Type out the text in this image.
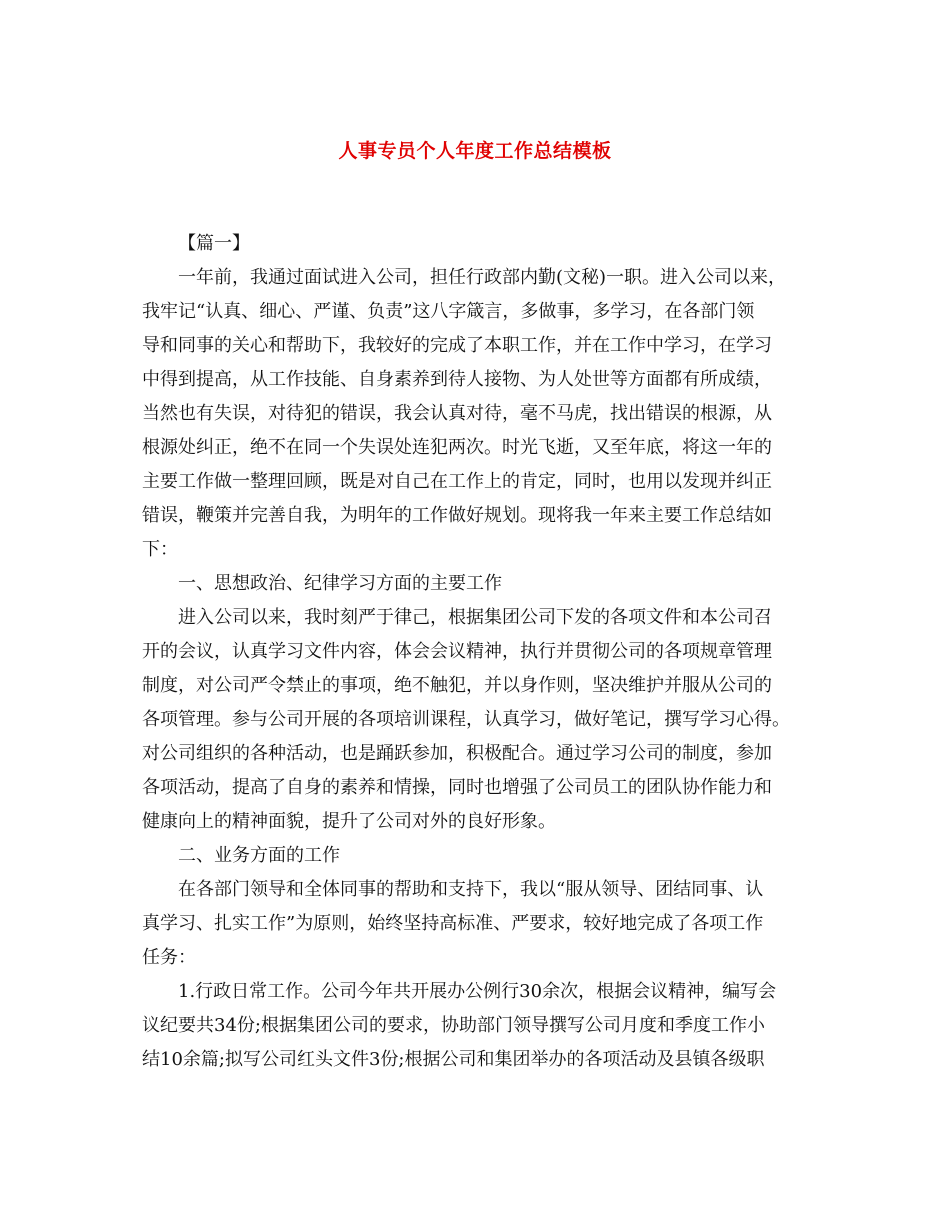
人事专员个人年度工作总结模板
【篇一】
一年前，我通过面试进入公司，担任行政部内勤(文秘)一职。进入公司以来，
我牢记“认真、细心、严谨、负责”这八字箴言，多做事，多学习，在各部门领
导和同事的关心和帮助下，我较好的完成了本职工作，并在工作中学习，在学习
中得到提高，从工作技能、自身素养到待人接物、为人处世等方面都有所成绩，
当然也有失误，对待犯的错误，我会认真对待，毫不马虎，找出错误的根源，从
根源处纠正，绝不在同一个失误处连犯两次。时光飞逝，又至年底，将这一年的
主要工作做一整理回顾，既是对自己在工作上的肯定，同时，也用以发现并纠正
错误，鞭策并完善自我，为明年的工作做好规划。现将我一年来主要工作总结如
下：
一、思想政治、纪律学习方面的主要工作
进入公司以来，我时刻严于律己，根据集团公司下发的各项文件和本公司召
开的会议，认真学习文件内容，体会会议精神，执行并贯彻公司的各项规章管理
制度，对公司严令禁止的事项，绝不触犯，并以身作则，坚决维护并服从公司的
各项管理。参与公司开展的各项培训课程，认真学习，做好笔记，撰写学习心得。
对公司组织的各种活动，也是踊跃参加，积极配合。通过学习公司的制度，参加
各项活动，提高了自身的素养和情操，同时也增强了公司员工的团队协作能力和
健康向上的精神面貌，提升了公司对外的良好形象。
二、业务方面的工作
在各部门领导和全体同事的帮助和支持下，我以“服从领导、团结同事、认
真学习、扎实工作”为原则，始终坚持高标准、严要求，较好地完成了各项工作
任务：
1.行政日常工作。公司今年共开展办公例行30余次，根据会议精神，编写会
议纪要共34份;根据集团公司的要求，协助部门领导撰写公司月度和季度工作小
结10余篇;拟写公司红头文件3份;根据公司和集团举办的各项活动及县镇各级职
